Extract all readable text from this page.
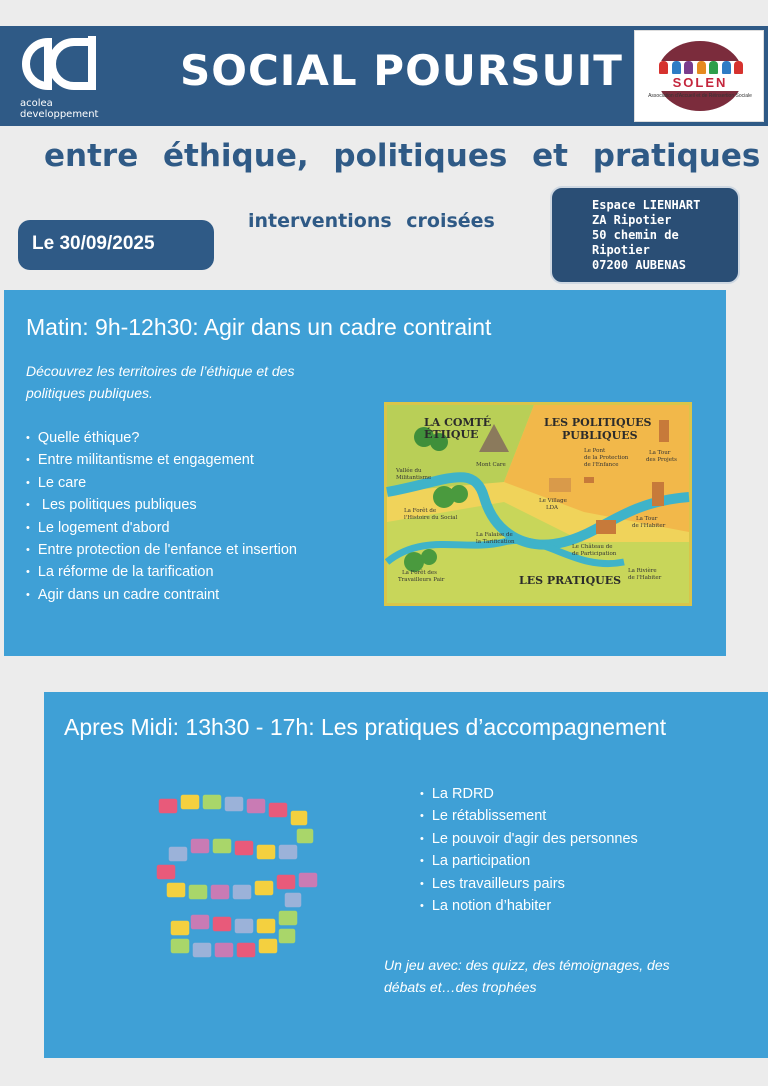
acolea
developpement
SOCIAL POURSUIT	SOLEN
Association d'Accueil et de Réinsertion Sociale
entre éthique, politiques et pratiques
interventions croisées
Le 30/09/2025
Espace LIENHART
ZA Ripotier
50 chemin de
Ripotier
07200 AUBENAS
Matin: 9h-12h30: Agir dans un cadre contraint
Découvrez les territoires de l’éthique et des
politiques publiques.
• Quelle éthique?
• Entre militantisme et engagement
• Le care
• Les politiques publiques
• Le logement d'abord
• Entre protection de l'enfance et insertion
• La réforme de la tarification
• Agir dans un cadre contraint
LA COMTÉ
ÉTIIQUE
LES POLITIQUES
PUBLIQUES
LES PRATIQUES
Vallée du
Militantisme
Mont Care
La Forêt de
l'Histoire du Social
Le Pont
de la Protection
de l'Enfance
La Tour
des Projets
Le Village
LDA
La Falaise de
la Tarification
La Tour
de l'Habiter
Le Château de
de Participation
La Forêt des
Travailleurs Pair
La Rivière
de l'Habiter
Apres Midi: 13h30 - 17h: Les pratiques d’accompagnement
• La RDRD
• Le rétablissement
• Le pouvoir d'agir des personnes
• La participation
• Les travailleurs pairs
• La notion d’habiter
Un jeu avec: des quizz, des témoignages, des
débats et…des trophées
